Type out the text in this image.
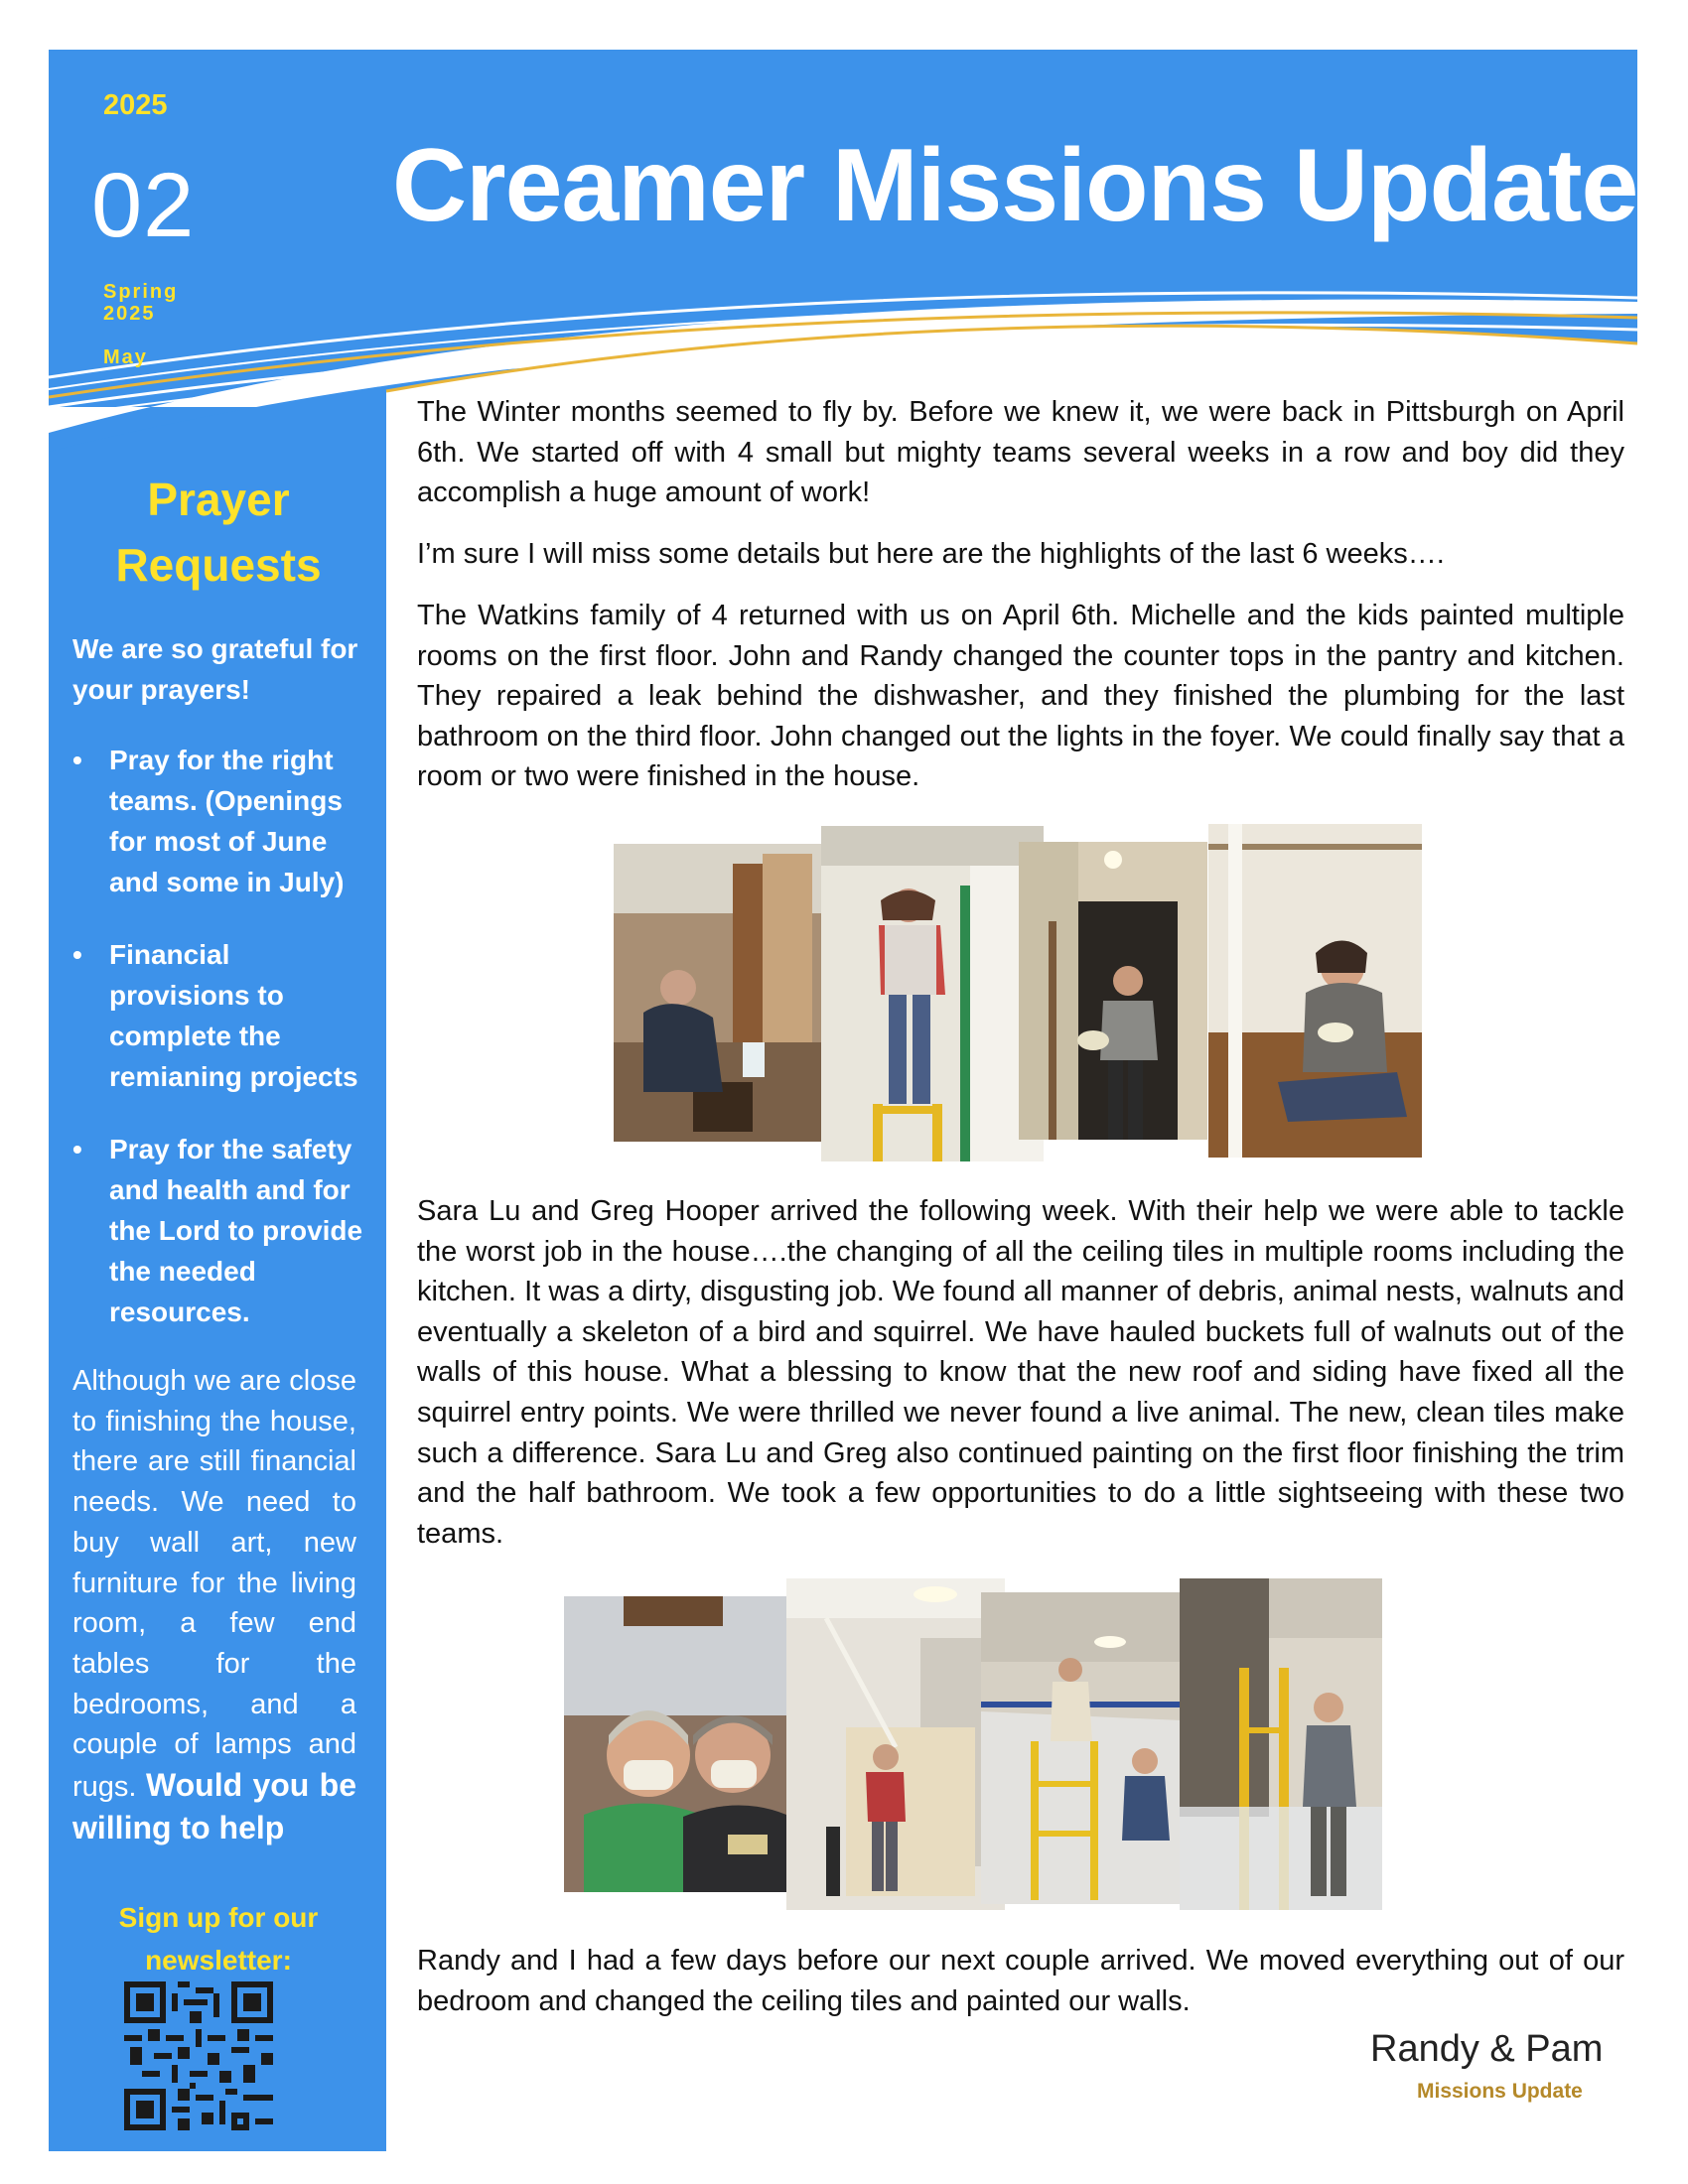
2025
02
Spring
2025
May
Creamer Missions Update
Prayer
Requests
We are so grateful for your prayers!
• Pray for the right teams. (Openings for most of June and some in July)
• Financial provisions to complete the remianing projects
• Pray for the safety and health and for the Lord to provide the needed resources.
Although we are close to finishing the house, there are still financial needs. We need to buy wall art, new furniture for the living room, a few end tables for the bedrooms, and a couple of lamps and rugs. Would you be willing to help
Sign up for our
newsletter:

The Winter months seemed to fly by. Before we knew it, we were back in Pittsburgh on April 6th. We started off with 4 small but mighty teams several weeks in a row and boy did they accomplish a huge amount of work!

I’m sure I will miss some details but here are the highlights of the last 6 weeks….

The Watkins family of 4 returned with us on April 6th. Michelle and the kids painted multiple rooms on the first floor. John and Randy changed the counter tops in the pantry and kitchen. They repaired a leak behind the dishwasher, and they finished the plumbing for the last bathroom on the third floor. John changed out the lights in the foyer. We could finally say that a room or two were finished in the house.

Sara Lu and Greg Hooper arrived the following week. With their help we were able to tackle the worst job in the house….the changing of all the ceiling tiles in multiple rooms including the kitchen. It was a dirty, disgusting job. We found all manner of debris, animal nests, walnuts and eventually a skeleton of a bird and squirrel. We have hauled buckets full of walnuts out of the walls of this house. What a blessing to know that the new roof and siding have fixed all the squirrel entry points. We were thrilled we never found a live animal. The new, clean tiles make such a difference. Sara Lu and Greg also continued painting on the first floor finishing the trim and the half bathroom. We took a few opportunities to do a little sightseeing with these two teams.

Randy and I had a few days before our next couple arrived. We moved everything out of our bedroom and changed the ceiling tiles and painted our walls.

Randy & Pam
Missions Update
